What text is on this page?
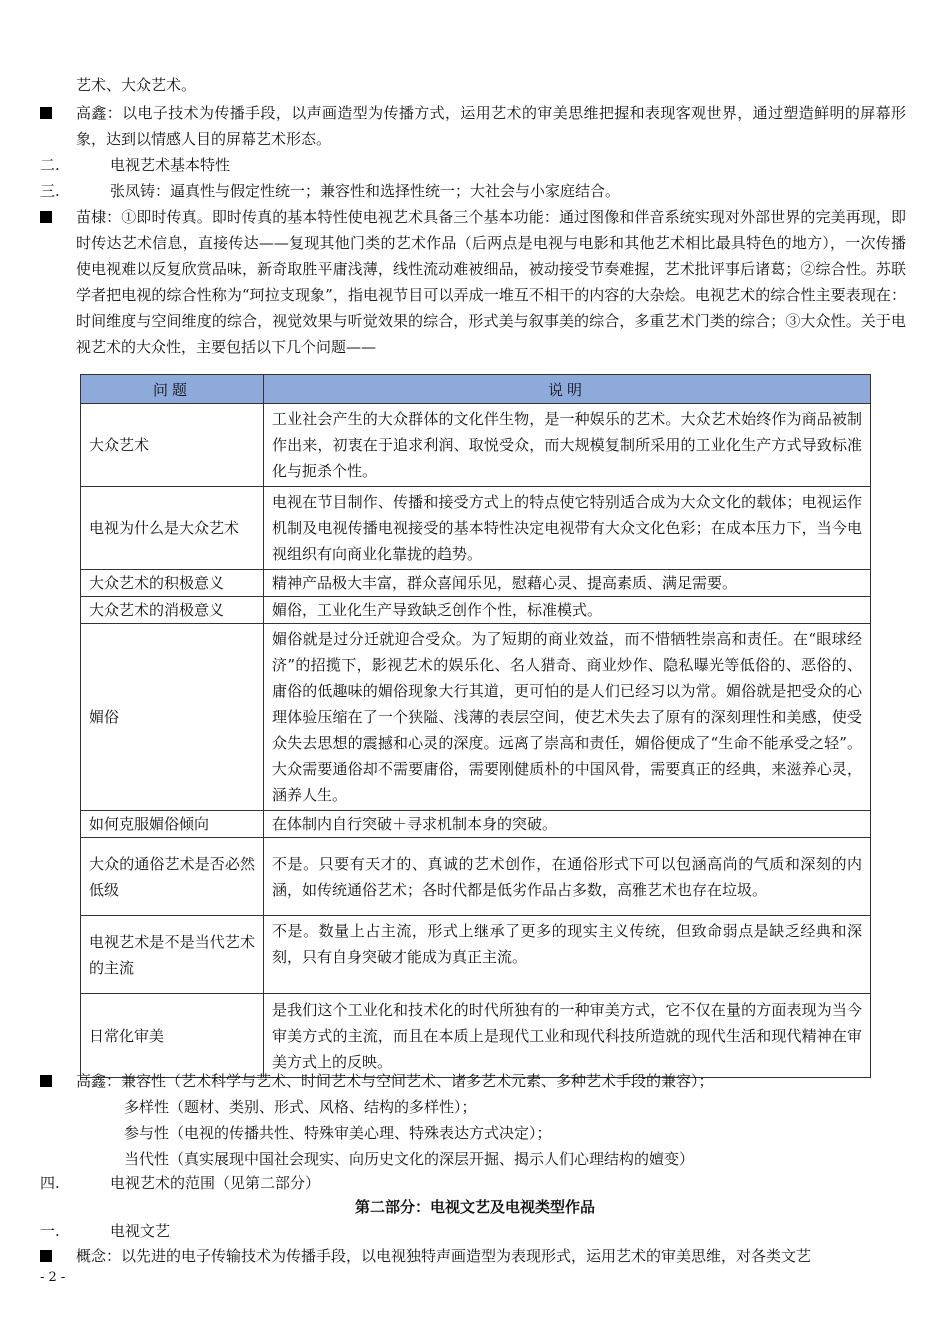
艺术、大众艺术。
高鑫：以电子技术为传播手段，以声画造型为传播方式，运用艺术的审美思维把握和表现客观世界，通过塑造鲜明的屏幕形象，达到以情感人目的屏幕艺术形态。
二.	电视艺术基本特性
三.	张凤铸：逼真性与假定性统一；兼容性和选择性统一；大社会与小家庭结合。
苗棣：①即时传真。即时传真的基本特性使电视艺术具备三个基本功能：通过图像和伴音系统实现对外部世界的完美再现，即时传达艺术信息，直接传达——复现其他门类的艺术作品（后两点是电视与电影和其他艺术相比最具特色的地方），一次传播使电视难以反复欣赏品味，新奇取胜平庸浅薄，线性流动难被细品，被动接受节奏难握，艺术批评事后诸葛；②综合性。苏联学者把电视的综合性称为“珂拉支现象”，指电视节目可以弄成一堆互不相干的内容的大杂烩。电视艺术的综合性主要表现在：时间维度与空间维度的综合，视觉效果与听觉效果的综合，形式美与叙事美的综合，多重艺术门类的综合；③大众性。关于电视艺术的大众性，主要包括以下几个问题——
问题	说明
大众艺术	工业社会产生的大众群体的文化伴生物，是一种娱乐的艺术。大众艺术始终作为商品被制作出来，初衷在于追求利润、取悦受众，而大规模复制所采用的工业化生产方式导致标准化与扼杀个性。
电视为什么是大众艺术	电视在节目制作、传播和接受方式上的特点使它特别适合成为大众文化的载体；电视运作机制及电视传播电视接受的基本特性决定电视带有大众文化色彩；在成本压力下，当今电视组织有向商业化靠拢的趋势。
大众艺术的积极意义	精神产品极大丰富，群众喜闻乐见，慰藉心灵、提高素质、满足需要。
大众艺术的消极意义	媚俗，工业化生产导致缺乏创作个性，标准模式。
媚俗	媚俗就是过分迁就迎合受众。为了短期的商业效益，而不惜牺牲崇高和责任。在“眼球经济”的招揽下，影视艺术的娱乐化、名人猎奇、商业炒作、隐私曝光等低俗的、恶俗的、庸俗的低趣味的媚俗现象大行其道，更可怕的是人们已经习以为常。媚俗就是把受众的心理体验压缩在了一个狭隘、浅薄的表层空间，使艺术失去了原有的深刻理性和美感，使受众失去思想的震撼和心灵的深度。远离了崇高和责任，媚俗便成了“生命不能承受之轻”。大众需要通俗却不需要庸俗，需要刚健质朴的中国风骨，需要真正的经典，来滋养心灵，涵养人生。
如何克服媚俗倾向	在体制内自行突破＋寻求机制本身的突破。
大众的通俗艺术是否必然低级	不是。只要有天才的、真诚的艺术创作，在通俗形式下可以包涵高尚的气质和深刻的内涵，如传统通俗艺术；各时代都是低劣作品占多数，高雅艺术也存在垃圾。
电视艺术是不是当代艺术的主流	不是。数量上占主流，形式上继承了更多的现实主义传统，但致命弱点是缺乏经典和深刻，只有自身突破才能成为真正主流。
日常化审美	是我们这个工业化和技术化的时代所独有的一种审美方式，它不仅在量的方面表现为当今审美方式的主流，而且在本质上是现代工业和现代科技所造就的现代生活和现代精神在审美方式上的反映。
高鑫：兼容性（艺术科学与艺术、时间艺术与空间艺术、诸多艺术元素、多种艺术手段的兼容）；
多样性（题材、类别、形式、风格、结构的多样性）；
参与性（电视的传播共性、特殊审美心理、特殊表达方式决定）；
当代性（真实展现中国社会现实、向历史文化的深层开掘、揭示人们心理结构的嬗变）
四.	电视艺术的范围（见第二部分）
第二部分：电视文艺及电视类型作品
一.	电视文艺
概念：以先进的电子传输技术为传播手段，以电视独特声画造型为表现形式，运用艺术的审美思维，对各类文艺
- 2 -
